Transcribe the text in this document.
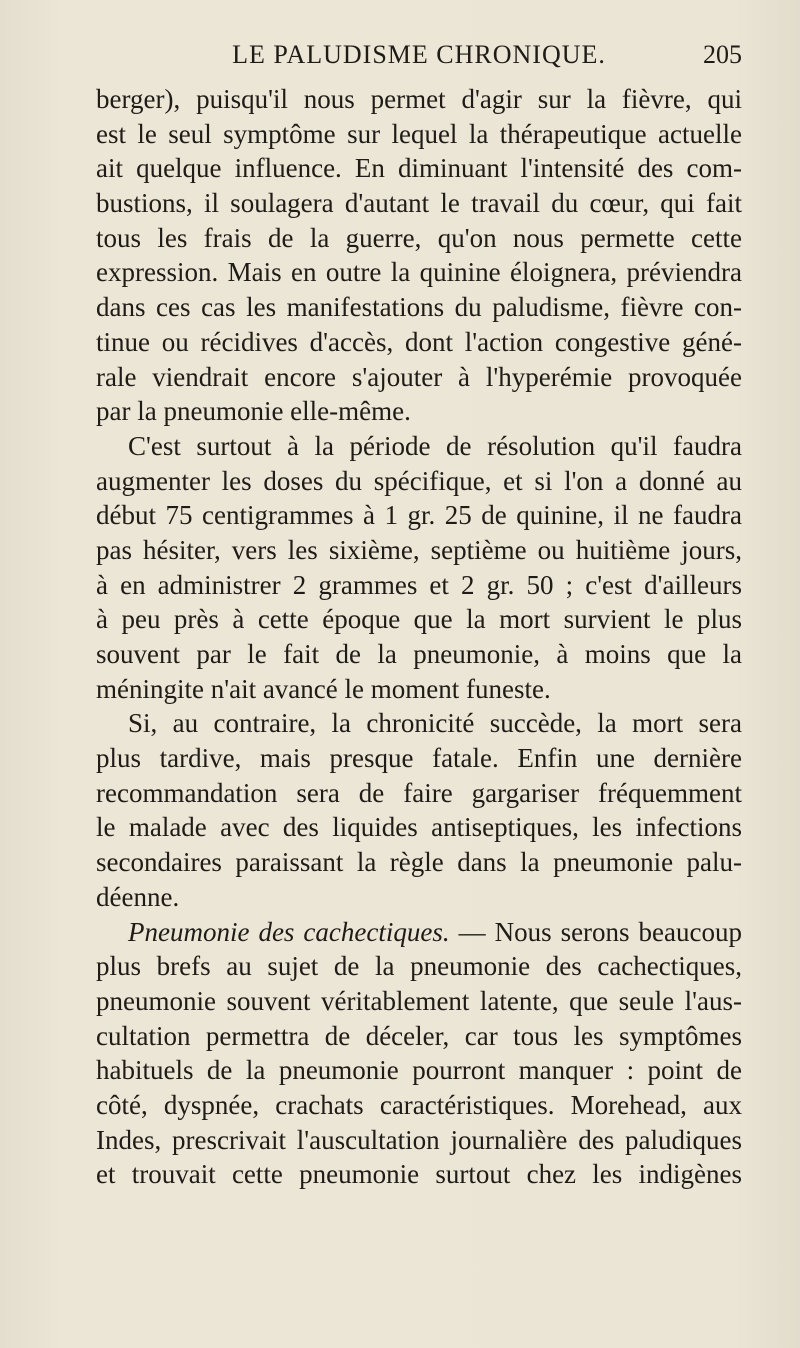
LE PALUDISME CHRONIQUE.	205
berger), puisqu'il nous permet d'agir sur la fièvre, qui
est le seul symptôme sur lequel la thérapeutique actuelle
ait quelque influence. En diminuant l'intensité des com-
bustions, il soulagera d'autant le travail du cœur, qui fait
tous les frais de la guerre, qu'on nous permette cette
expression. Mais en outre la quinine éloignera, préviendra
dans ces cas les manifestations du paludisme, fièvre con-
tinue ou récidives d'accès, dont l'action congestive géné-
rale viendrait encore s'ajouter à l'hyperémie provoquée
par la pneumonie elle-même.
C'est surtout à la période de résolution qu'il faudra
augmenter les doses du spécifique, et si l'on a donné au
début 75 centigrammes à 1 gr. 25 de quinine, il ne faudra
pas hésiter, vers les sixième, septième ou huitième jours,
à en administrer 2 grammes et 2 gr. 50 ; c'est d'ailleurs
à peu près à cette époque que la mort survient le plus
souvent par le fait de la pneumonie, à moins que la
méningite n'ait avancé le moment funeste.
Si, au contraire, la chronicité succède, la mort sera
plus tardive, mais presque fatale. Enfin une dernière
recommandation sera de faire gargariser fréquemment
le malade avec des liquides antiseptiques, les infections
secondaires paraissant la règle dans la pneumonie palu-
déenne.
Pneumonie des cachectiques. — Nous serons beaucoup
plus brefs au sujet de la pneumonie des cachectiques,
pneumonie souvent véritablement latente, que seule l'aus-
cultation permettra de déceler, car tous les symptômes
habituels de la pneumonie pourront manquer : point de
côté, dyspnée, crachats caractéristiques. Morehead, aux
Indes, prescrivait l'auscultation journalière des paludiques
et trouvait cette pneumonie surtout chez les indigènes
